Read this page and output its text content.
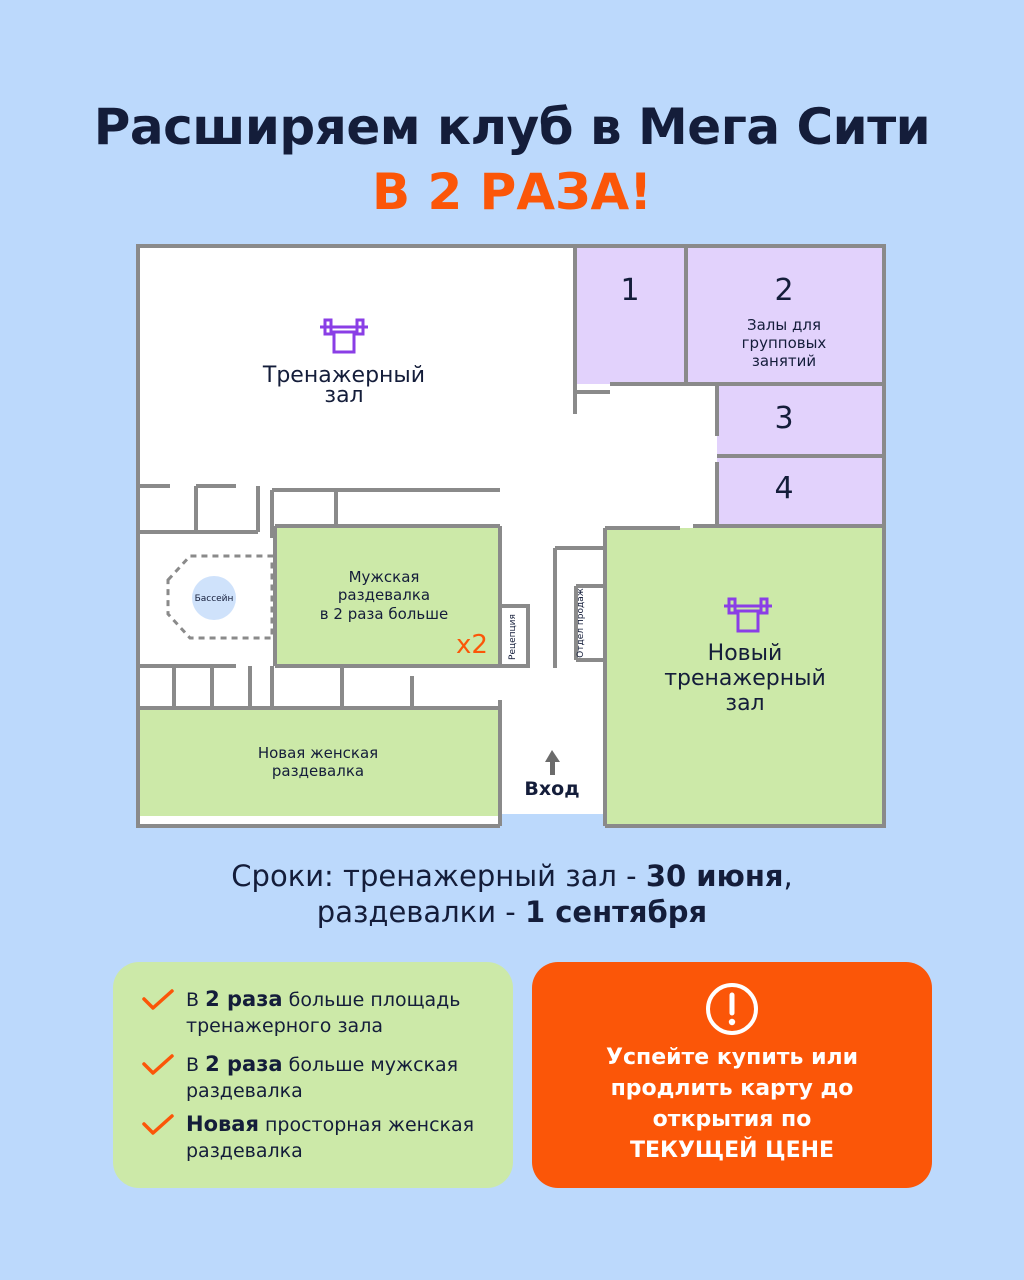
Расширяем клуб в Мега Сити
В 2 РАЗА!
Тренажерный
зал
1	2
Залы для
групповых
занятий
3
4
Бассейн
Мужская
раздевалка
в 2 раза больше
x2 Рецепция	Отдел продаж	Новый
тренажерный
зал
Новая женская
раздевалка
Вход
Сроки: тренажерный зал - 30 июня,
раздевалки - 1 сентября
В 2 раза больше площадь тренажерного зала
В 2 раза больше мужская раздевалка
Новая просторная женская раздевалка
Успейте купить или
продлить карту до
открытия по
ТЕКУЩЕЙ ЦЕНЕ
